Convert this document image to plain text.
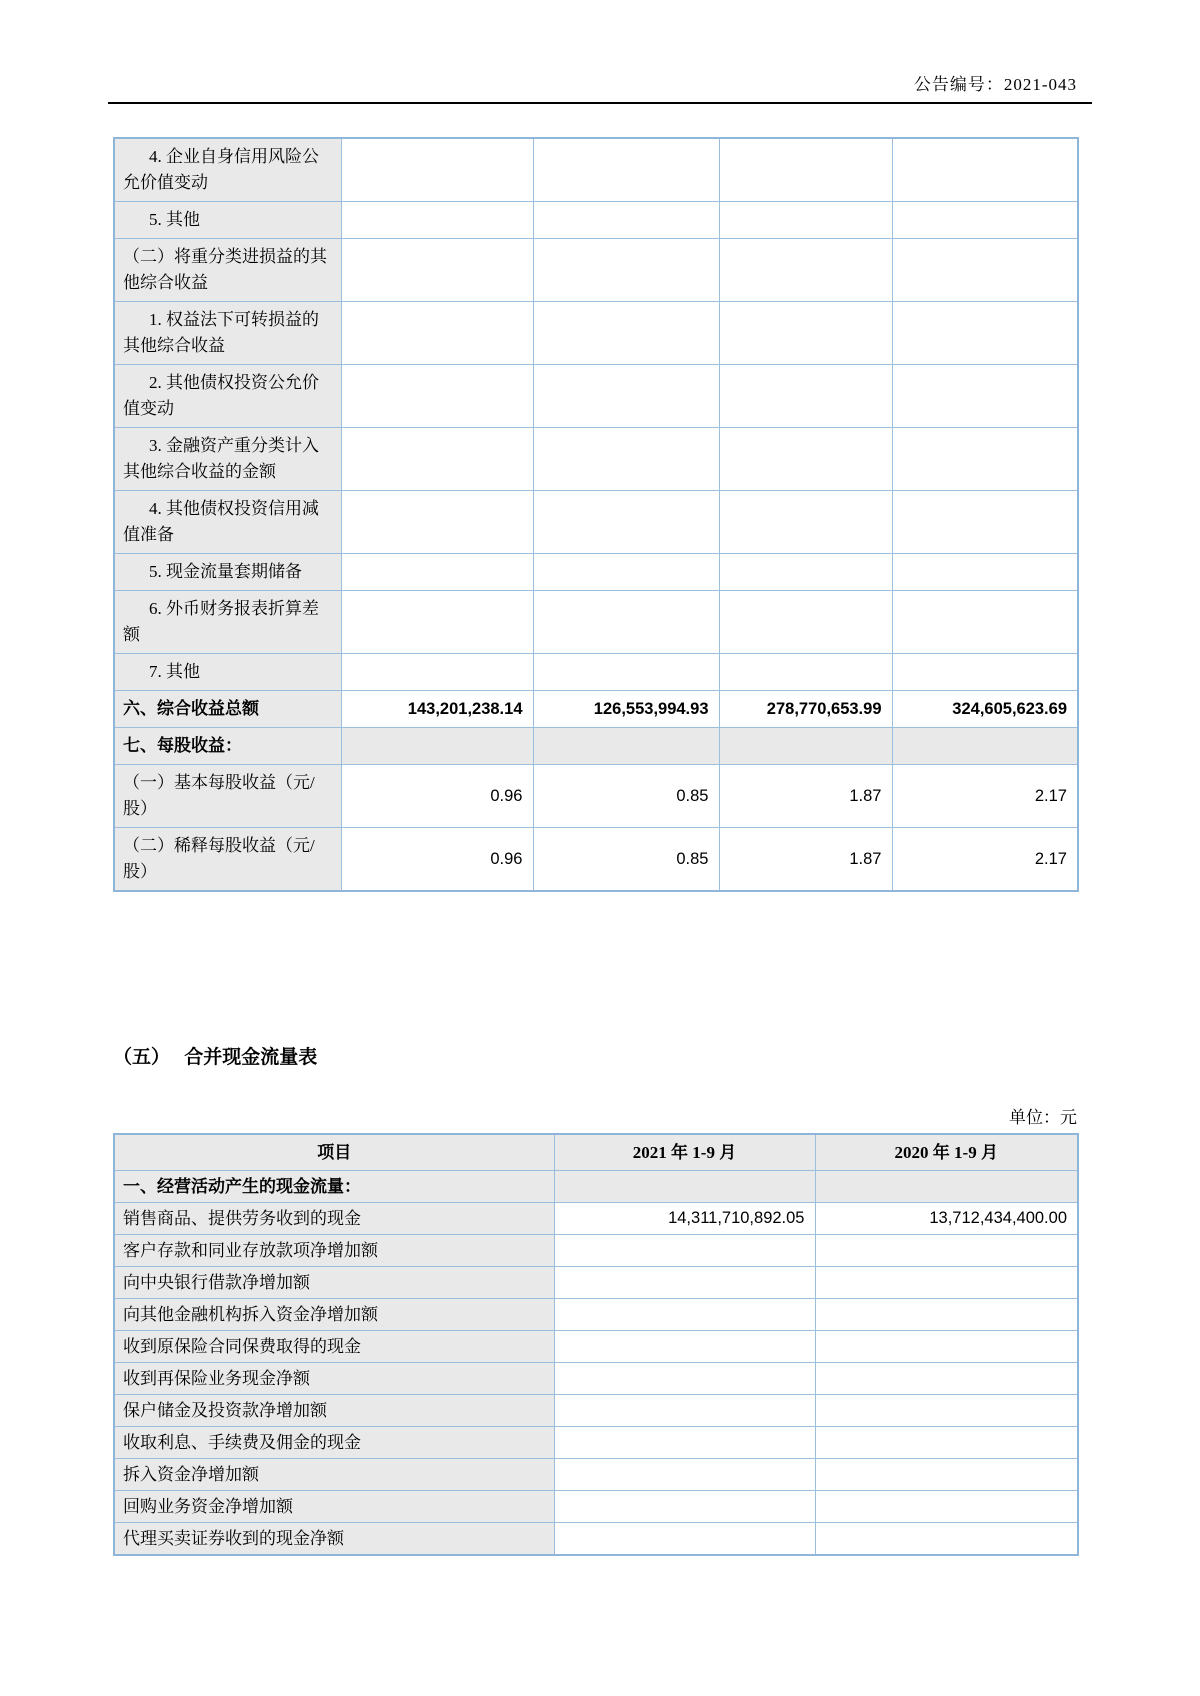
公告编号：2021-043
4. 企业自身信用风险公允价值变动				
5. 其他				
（二）将重分类进损益的其他综合收益				
1. 权益法下可转损益的其他综合收益				
2. 其他债权投资公允价值变动				
3. 金融资产重分类计入其他综合收益的金额				
4. 其他债权投资信用减值准备				
5. 现金流量套期储备				
6. 外币财务报表折算差额				
7. 其他				
六、综合收益总额	143,201,238.14	126,553,994.93	278,770,653.99	324,605,623.69
七、每股收益：				
（一）基本每股收益（元/股）	0.96	0.85	1.87	2.17
（二）稀释每股收益（元/股）	0.96	0.85	1.87	2.17
（五）   合并现金流量表
单位：元
项目	2021 年 1-9 月	2020 年 1-9 月
一、经营活动产生的现金流量：		
销售商品、提供劳务收到的现金	14,311,710,892.05	13,712,434,400.00
客户存款和同业存放款项净增加额		
向中央银行借款净增加额		
向其他金融机构拆入资金净增加额		
收到原保险合同保费取得的现金		
收到再保险业务现金净额		
保户储金及投资款净增加额		
收取利息、手续费及佣金的现金		
拆入资金净增加额		
回购业务资金净增加额		
代理买卖证券收到的现金净额		
